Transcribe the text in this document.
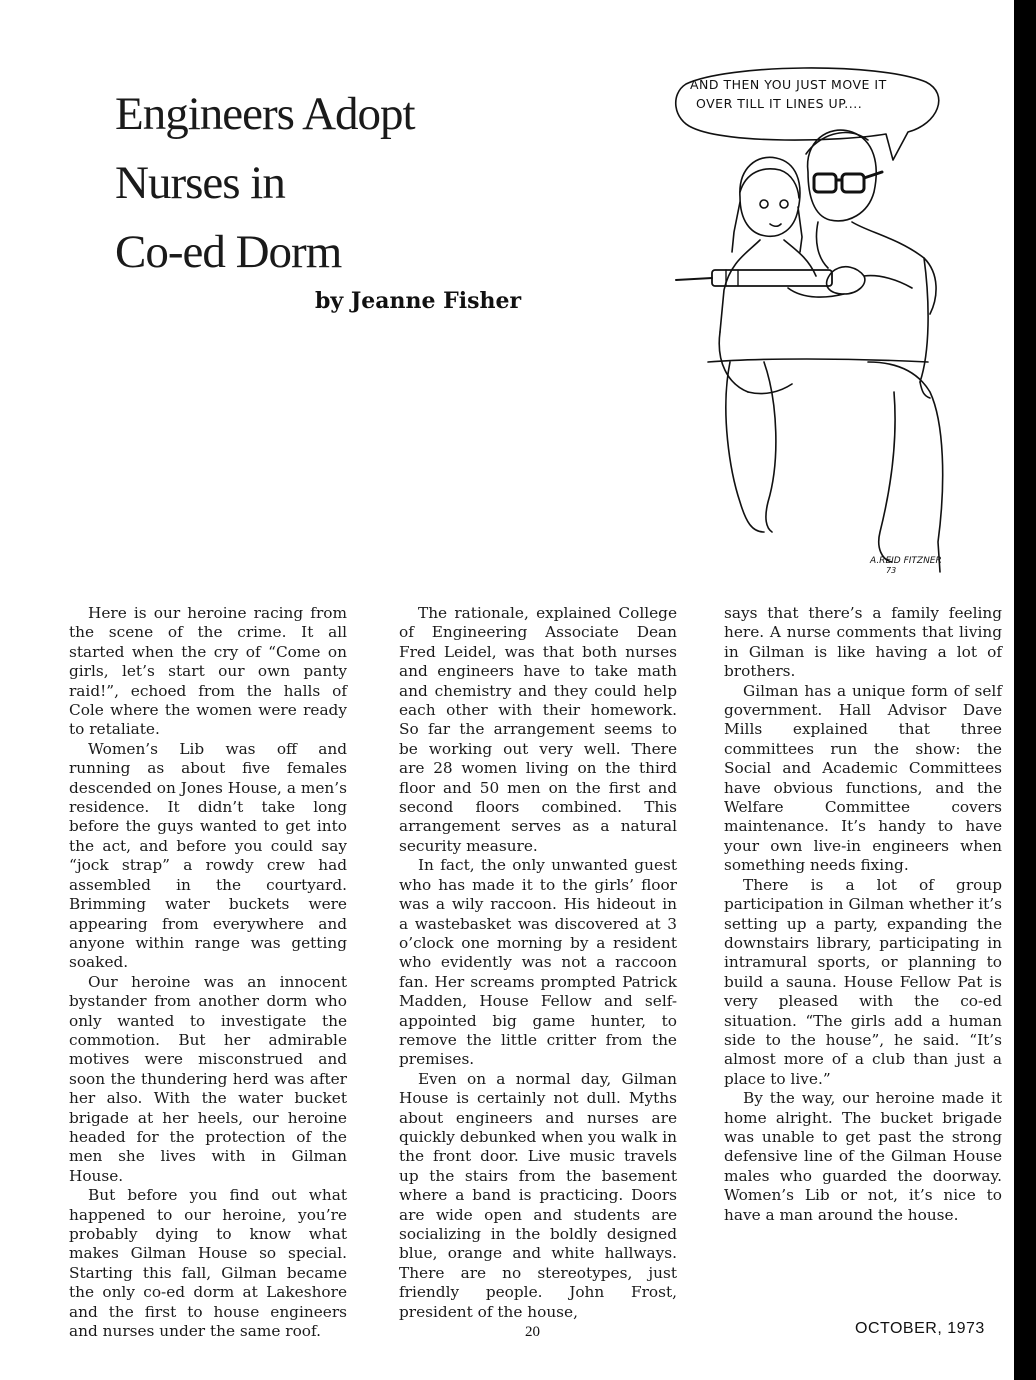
Engineers Adopt
Nurses in
Co-ed Dorm
by Jeanne Fisher
AND THEN YOU JUST MOVE IT
OVER TILL IT LINES UP....
A.REID FITZNER
73

Here is our heroine racing from the scene of the crime. It all started when the cry of “Come on girls, let’s start our own panty raid!”, echoed from the halls of Cole where the women were ready to retaliate.

Women’s Lib was off and running as about five females descended on Jones House, a men’s residence. It didn’t take long before the guys wanted to get into the act, and before you could say “jock strap” a rowdy crew had assembled in the courtyard. Brimming water buckets were appearing from everywhere and anyone within range was getting soaked.

Our heroine was an innocent bystander from another dorm who only wanted to investigate the commotion. But her admirable motives were misconstrued and soon the thundering herd was after her also. With the water bucket brigade at her heels, our heroine headed for the protection of the men she lives with in Gilman House.

But before you find out what happened to our heroine, you’re probably dying to know what makes Gilman House so special. Starting this fall, Gilman became the only co-ed dorm at Lakeshore and the first to house engineers and nurses under the same roof.

The rationale, explained College of Engineering Associate Dean Fred Leidel, was that both nurses and engineers have to take math and chemistry and they could help each other with their homework. So far the arrangement seems to be working out very well. There are 28 women living on the third floor and 50 men on the first and second floors combined. This arrangement serves as a natural security measure.

In fact, the only unwanted guest who has made it to the girls’ floor was a wily raccoon. His hideout in a wastebasket was discovered at 3 o’clock one morning by a resident who evidently was not a raccoon fan. Her screams prompted Patrick Madden, House Fellow and self-appointed big game hunter, to remove the little critter from the premises.

Even on a normal day, Gilman House is certainly not dull. Myths about engineers and nurses are quickly debunked when you walk in the front door. Live music travels up the stairs from the basement where a band is practicing. Doors are wide open and students are socializing in the boldly designed blue, orange and white hallways. There are no stereotypes, just friendly people. John Frost, president of the house,

says that there’s a family feeling here. A nurse comments that living in Gilman is like having a lot of brothers.

Gilman has a unique form of self government. Hall Advisor Dave Mills explained that three committees run the show: the Social and Academic Committees have obvious functions, and the Welfare Committee covers maintenance. It’s handy to have your own live-in engineers when something needs fixing.

There is a lot of group participation in Gilman whether it’s setting up a party, expanding the downstairs library, participating in intramural sports, or planning to build a sauna. House Fellow Pat is very pleased with the co-ed situation. “The girls add a human side to the house”, he said. “It’s almost more of a club than just a place to live.”

By the way, our heroine made it home alright. The bucket brigade was unable to get past the strong defensive line of the Gilman House males who guarded the doorway. Women’s Lib or not, it’s nice to have a man around the house.

20	OCTOBER, 1973
